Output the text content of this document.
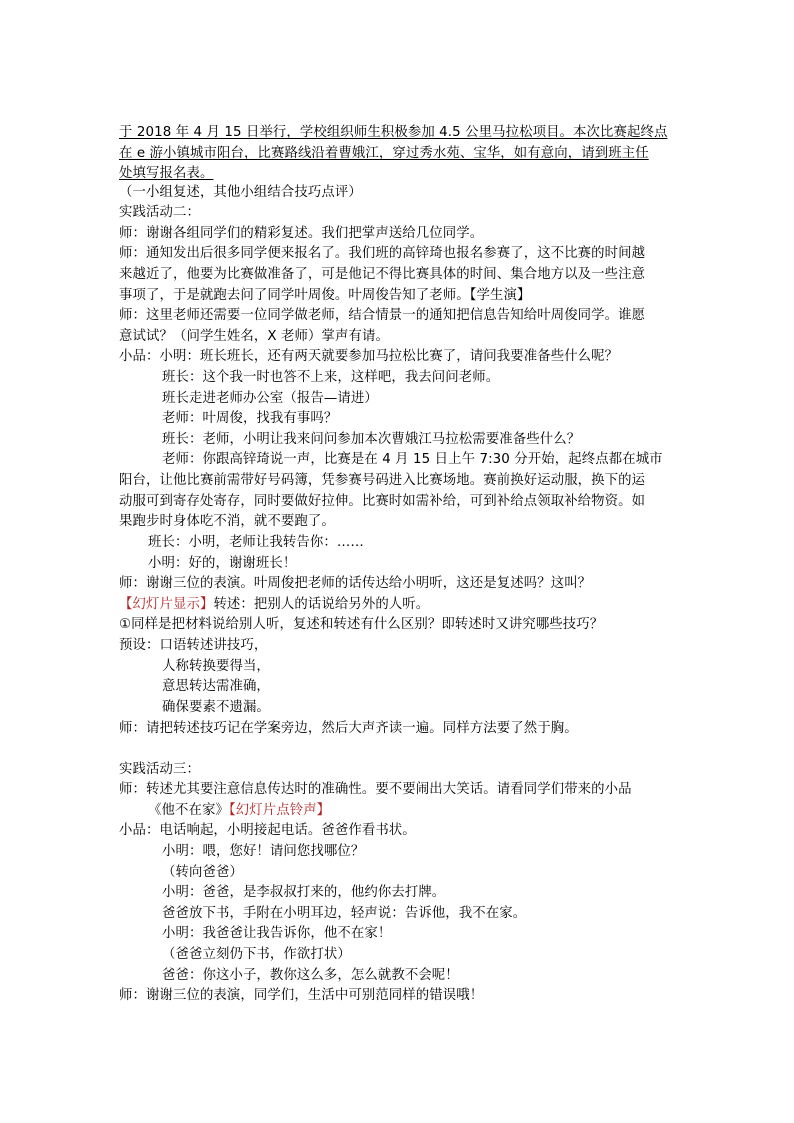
于 2018 年 4 月 15 日举行，学校组织师生积极参加 4.5 公里马拉松项目。本次比赛起终点
在 e 游小镇城市阳台，比赛路线沿着曹娥江，穿过秀水苑、宝华，如有意向，请到班主任
处填写报名表。
（一小组复述，其他小组结合技巧点评）
实践活动二：
师：谢谢各组同学们的精彩复述。我们把掌声送给几位同学。
师：通知发出后很多同学便来报名了。我们班的高锌琦也报名参赛了，这不比赛的时间越
来越近了，他要为比赛做准备了，可是他记不得比赛具体的时间、集合地方以及一些注意
事项了，于是就跑去问了同学叶周俊。叶周俊告知了老师。【学生演】
师：这里老师还需要一位同学做老师，结合情景一的通知把信息告知给叶周俊同学。谁愿
意试试？（问学生姓名，X 老师）掌声有请。
小品：小明：班长班长，还有两天就要参加马拉松比赛了，请问我要准备些什么呢？
班长：这个我一时也答不上来，这样吧，我去问问老师。
班长走进老师办公室（报告—请进）
老师：叶周俊，找我有事吗？
班长：老师，小明让我来问问参加本次曹娥江马拉松需要准备些什么？
老师：你跟高锌琦说一声，比赛是在 4 月 15 日上午 7:30 分开始，起终点都在城市
阳台，让他比赛前需带好号码簿，凭参赛号码进入比赛场地。赛前换好运动服，换下的运
动服可到寄存处寄存，同时要做好拉伸。比赛时如需补给，可到补给点领取补给物资。如
果跑步时身体吃不消，就不要跑了。
班长：小明，老师让我转告你：……
小明：好的，谢谢班长！
师：谢谢三位的表演。叶周俊把老师的话传达给小明听，这还是复述吗？这叫？
【幻灯片显示】转述：把别人的话说给另外的人听。
①同样是把材料说给别人听，复述和转述有什么区别？即转述时又讲究哪些技巧？
预设：口语转述讲技巧，
人称转换要得当，
意思转达需准确，
确保要素不遗漏。
师：请把转述技巧记在学案旁边，然后大声齐读一遍。同样方法要了然于胸。
实践活动三：
师：转述尤其要注意信息传达时的准确性。要不要闹出大笑话。请看同学们带来的小品
《他不在家》【幻灯片点铃声】
小品：电话响起，小明接起电话。爸爸作看书状。
小明：喂，您好！请问您找哪位？
（转向爸爸）
小明：爸爸，是李叔叔打来的，他约你去打牌。
爸爸放下书，手附在小明耳边，轻声说：告诉他，我不在家。
小明：我爸爸让我告诉你，他不在家！
（爸爸立刻仍下书，作欲打状）
爸爸：你这小子，教你这么多，怎么就教不会呢！
师：谢谢三位的表演，同学们，生活中可别范同样的错误哦！
